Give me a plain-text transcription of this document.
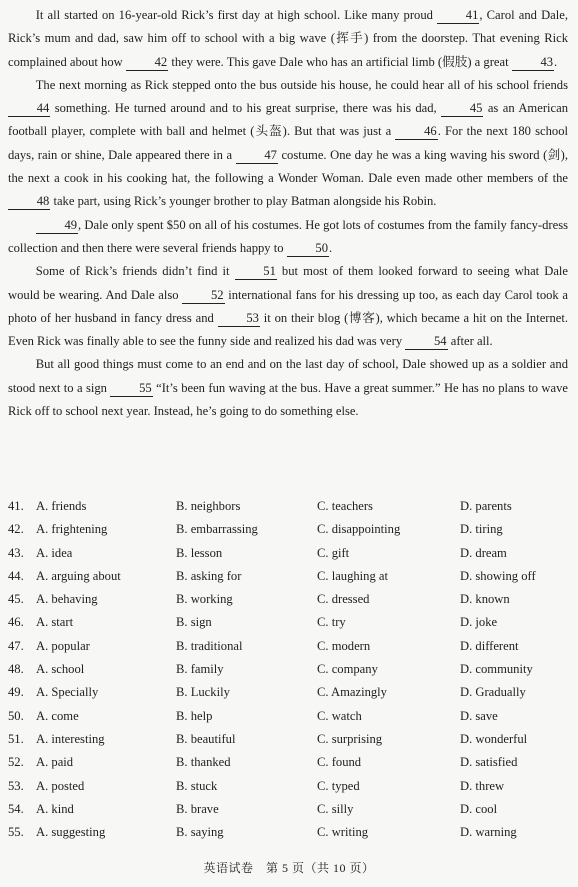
It all started on 16-year-old Rick’s first day at high school. Like many proud 41, Carol and Dale, Rick’s mum and dad, saw him off to school with a big wave (挥手) from the doorstep. That evening Rick complained about how 42 they were. This gave Dale who has an artificial limb (假肢) a great 43.

The next morning as Rick stepped onto the bus outside his house, he could hear all of his school friends 44 something. He turned around and to his great surprise, there was his dad, 45 as an American football player, complete with ball and helmet (头盔). But that was just a 46. For the next 180 school days, rain or shine, Dale appeared there in a 47 costume. One day he was a king waving his sword (剑), the next a cook in his cooking hat, the following a Wonder Woman. Dale even made other members of the 48 take part, using Rick’s younger brother to play Batman alongside his Robin.

49, Dale only spent $50 on all of his costumes. He got lots of costumes from the family fancy-dress collection and then there were several friends happy to 50.

Some of Rick’s friends didn’t find it 51 but most of them looked forward to seeing what Dale would be wearing. And Dale also 52 international fans for his dressing up too, as each day Carol took a photo of her husband in fancy dress and 53 it on their blog (博客), which became a hit on the Internet. Even Rick was finally able to see the funny side and realized his dad was very 54 after all.

But all good things must come to an end and on the last day of school, Dale showed up as a soldier and stood next to a sign 55 “It’s been fun waving at the bus. Have a great summer.” He has no plans to wave Rick off to school next year. Instead, he’s going to do something else.

41. A. friends	B. neighbors	C. teachers	D. parents
42. A. frightening	B. embarrassing	C. disappointing	D. tiring
43. A. idea	B. lesson	C. gift	D. dream
44. A. arguing about	B. asking for	C. laughing at	D. showing off
45. A. behaving	B. working	C. dressed	D. known
46. A. start	B. sign	C. try	D. joke
47. A. popular	B. traditional	C. modern	D. different
48. A. school	B. family	C. company	D. community
49. A. Specially	B. Luckily	C. Amazingly	D. Gradually
50. A. come	B. help	C. watch	D. save
51. A. interesting	B. beautiful	C. surprising	D. wonderful
52. A. paid	B. thanked	C. found	D. satisfied
53. A. posted	B. stuck	C. typed	D. threw
54. A. kind	B. brave	C. silly	D. cool
55. A. suggesting	B. saying	C. writing	D. warning
英语试卷　第 5 页（共 10 页）
